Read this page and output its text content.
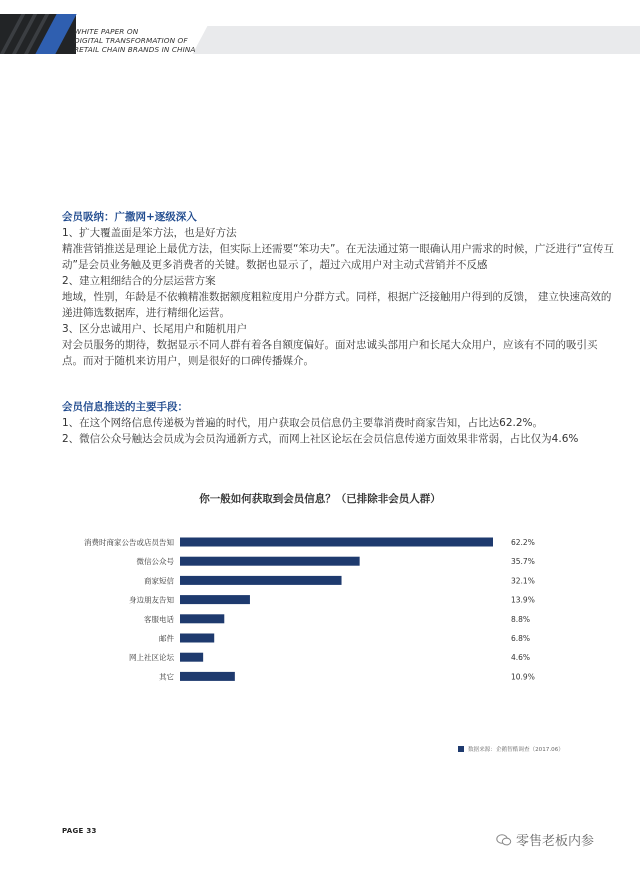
WHITE PAPER ON
DIGITAL TRANSFORMATION OF
RETAIL CHAIN BRANDS IN CHINA
会员吸纳：广撒网+逐级深入
1、扩大覆盖面是笨方法，也是好方法
精准营销推送是理论上最优方法，但实际上还需要“笨功夫”。在无法通过第一眼确认用户需求的时候，广泛进行“宣传互
动”是会员业务触及更多消费者的关键。数据也显示了，超过六成用户对主动式营销并不反感
2、建立粗细结合的分层运营方案
地域，性别，年龄是不依赖精准数据额度粗粒度用户分群方式。同样，根据广泛接触用户得到的反馈， 建立快速高效的
递进筛选数据库，进行精细化运营。
3、区分忠诚用户、长尾用户和随机用户
对会员服务的期待，数据显示不同人群有着各自额度偏好。面对忠诚头部用户和长尾大众用户，应该有不同的吸引买
点。而对于随机来访用户，则是很好的口碑传播媒介。
会员信息推送的主要手段：
1、在这个网络信息传递极为普遍的时代，用户获取会员信息仍主要靠消费时商家告知，占比达62.2%。
2、微信公众号触达会员成为会员沟通新方式，而网上社区论坛在会员信息传递方面效果非常弱，占比仅为4.6%
你一般如何获取到会员信息？（已排除非会员人群）
消费时商家公告或店员告知	62.2%
微信公众号	35.7%
商家短信	32.1%
身边朋友告知	13.9%
客服电话	8.8%
邮件	6.8%
网上社区论坛	4.6%
其它	10.9%
数据来源：企鹅智酷调查（2017.06）
PAGE 33
零售老板内参
